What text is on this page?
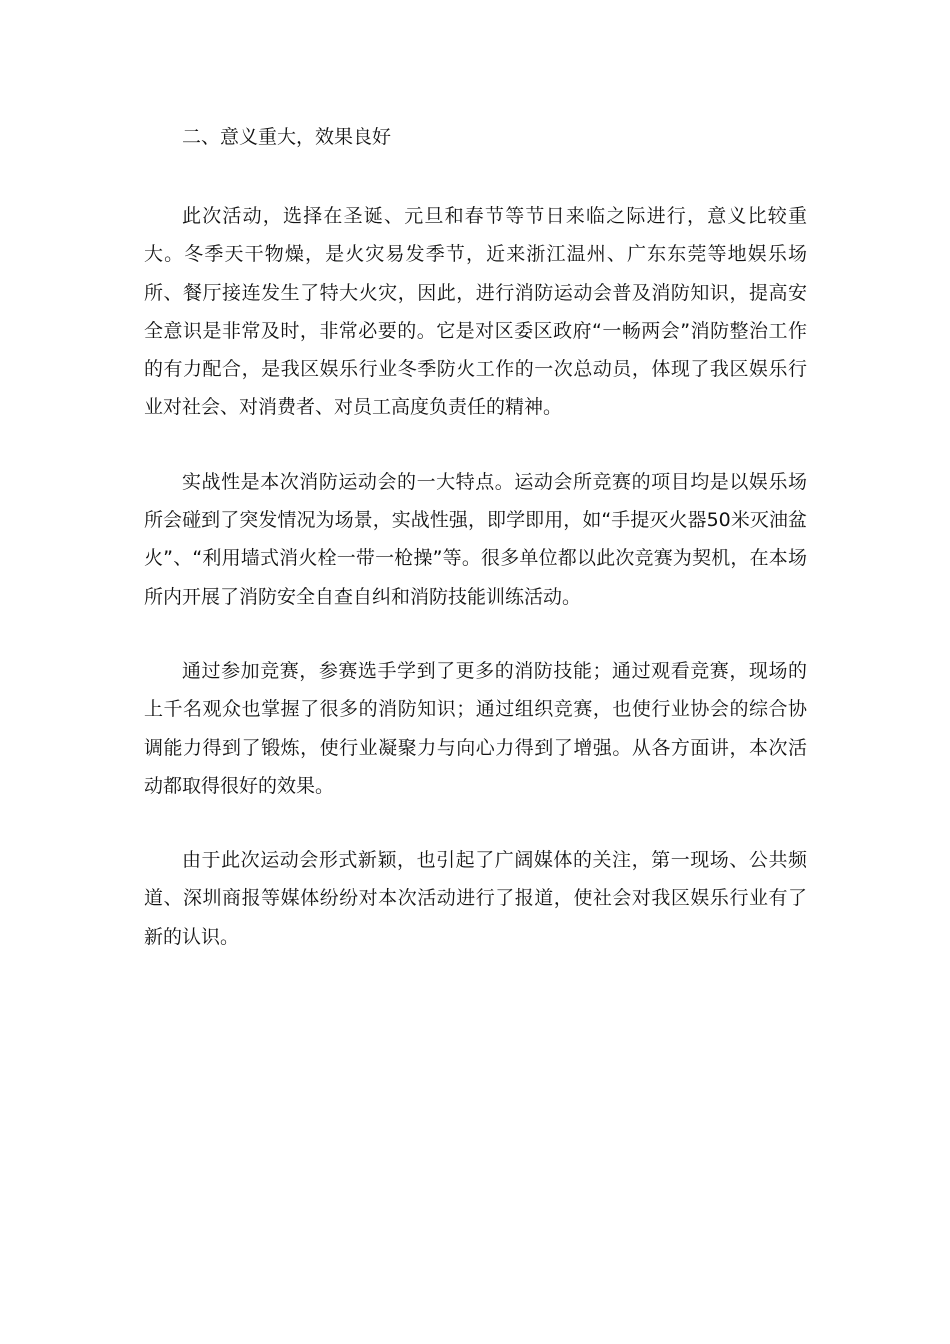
二、意义重大，效果良好

此次活动，选择在圣诞、元旦和春节等节日来临之际进行，意义比较重大。冬季天干物燥，是火灾易发季节，近来浙江温州、广东东莞等地娱乐场所、餐厅接连发生了特大火灾，因此，进行消防运动会普及消防知识，提高安全意识是非常及时，非常必要的。它是对区委区政府“一畅两会”消防整治工作的有力配合，是我区娱乐行业冬季防火工作的一次总动员，体现了我区娱乐行业对社会、对消费者、对员工高度负责任的精神。

实战性是本次消防运动会的一大特点。运动会所竞赛的项目均是以娱乐场所会碰到了突发情况为场景，实战性强，即学即用，如“手提灭火器50米灭油盆火”、“利用墙式消火栓一带一枪操”等。很多单位都以此次竞赛为契机，在本场所内开展了消防安全自查自纠和消防技能训练活动。

通过参加竞赛，参赛选手学到了更多的消防技能；通过观看竞赛，现场的上千名观众也掌握了很多的消防知识；通过组织竞赛，也使行业协会的综合协调能力得到了锻炼，使行业凝聚力与向心力得到了增强。从各方面讲，本次活动都取得很好的效果。

由于此次运动会形式新颖，也引起了广阔媒体的关注，第一现场、公共频道、深圳商报等媒体纷纷对本次活动进行了报道，使社会对我区娱乐行业有了新的认识。
